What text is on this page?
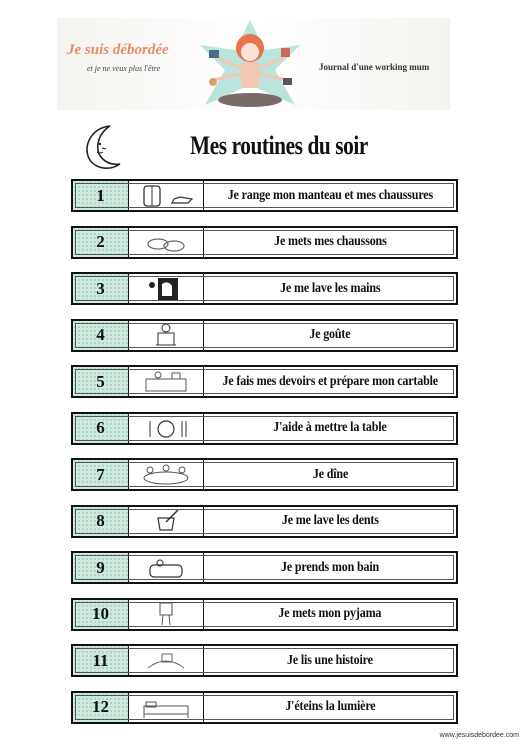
Je suis débordée
et je ne veux plus l'être	Journal d'une working mum
Mes routines du soir
1	Je range mon manteau et mes chaussures
2	Je mets mes chaussons
3	Je me lave les mains
4	Je goûte
5	Je fais mes devoirs et prépare mon cartable
6	J'aide à mettre la table
7	Je dîne
8	Je me lave les dents
9	Je prends mon bain
10	Je mets mon pyjama
11	Je lis une histoire
12	J'éteins la lumière
www.jesuisdebordee.com
